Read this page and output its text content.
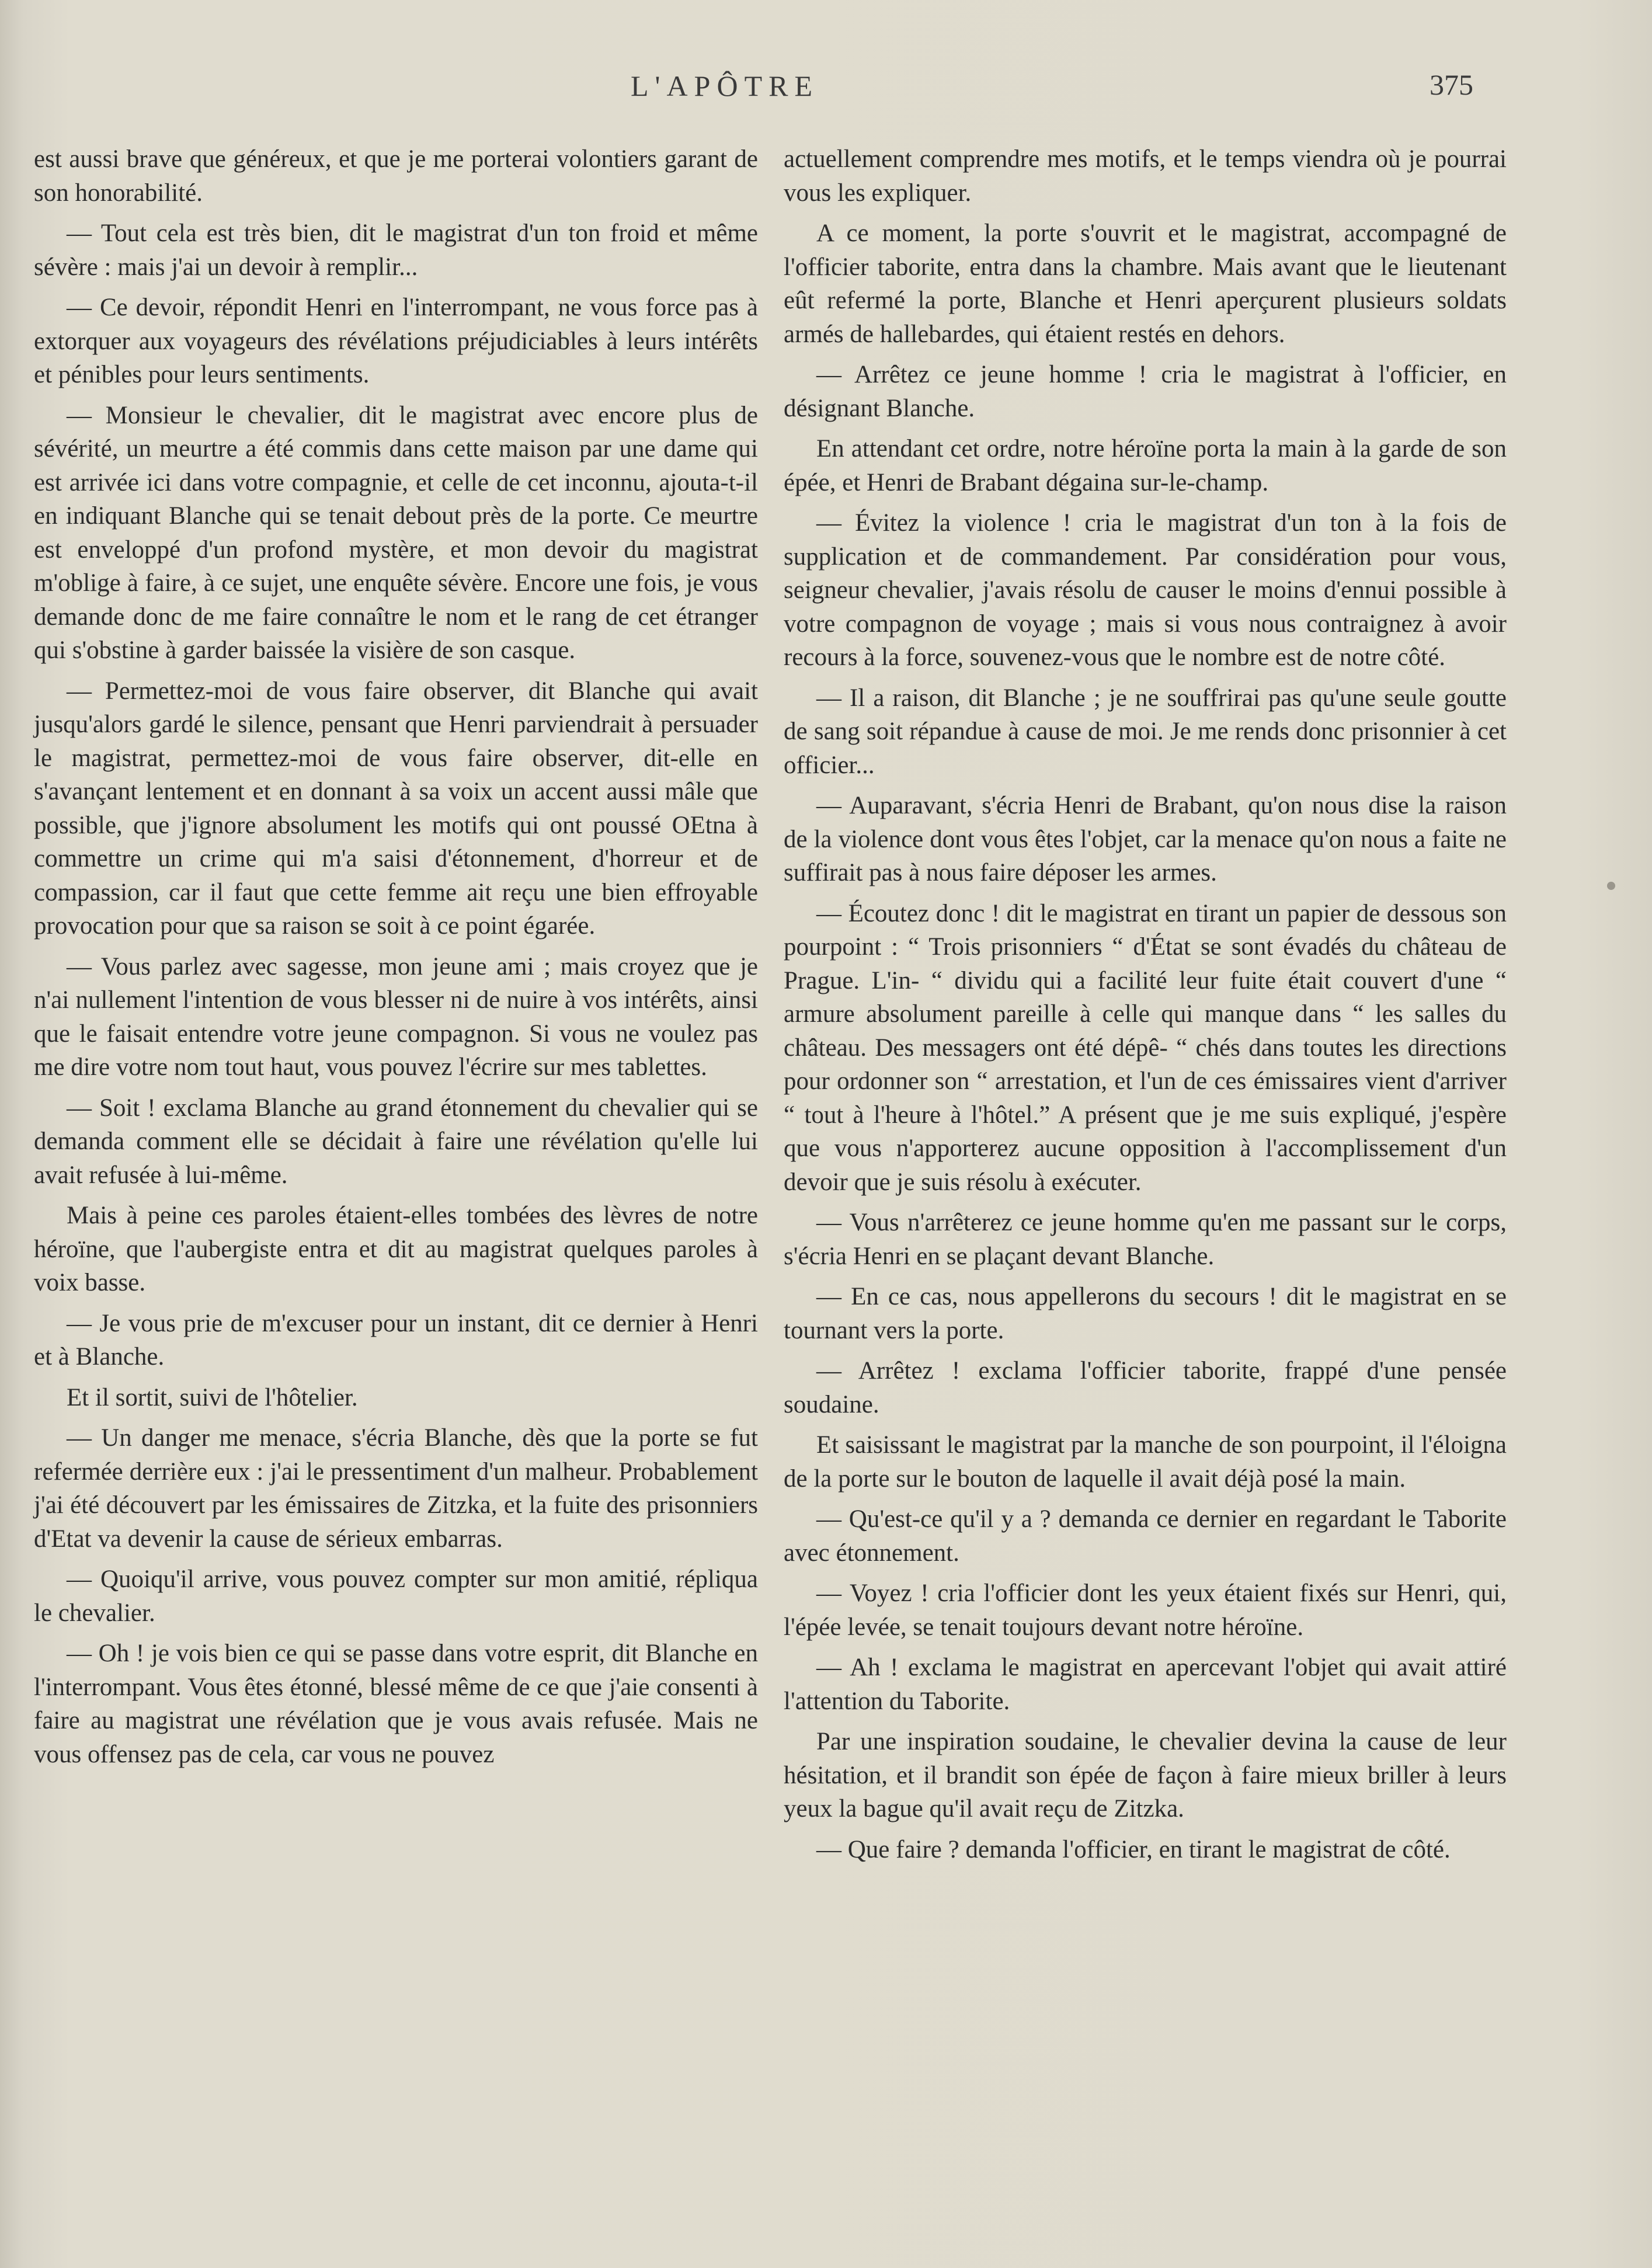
L'APÔTRE	375

est aussi brave que généreux, et que je me porterai volontiers garant de son honorabilité.

— Tout cela est très bien, dit le magistrat d'un ton froid et même sévère : mais j'ai un devoir à remplir...

— Ce devoir, répondit Henri en l'interrompant, ne vous force pas à extorquer aux voyageurs des révélations préjudiciables à leurs intérêts et pénibles pour leurs sentiments.

— Monsieur le chevalier, dit le magistrat avec encore plus de sévérité, un meurtre a été commis dans cette maison par une dame qui est arrivée ici dans votre compagnie, et celle de cet inconnu, ajouta-t-il en indiquant Blanche qui se tenait debout près de la porte. Ce meurtre est enveloppé d'un profond mystère, et mon devoir du magistrat m'oblige à faire, à ce sujet, une enquête sévère. Encore une fois, je vous demande donc de me faire connaître le nom et le rang de cet étranger qui s'obstine à garder baissée la visière de son casque.

— Permettez-moi de vous faire observer, dit Blanche qui avait jusqu'alors gardé le silence, pensant que Henri parviendrait à persuader le magistrat, permettez-moi de vous faire observer, dit-elle en s'avançant lentement et en donnant à sa voix un accent aussi mâle que possible, que j'ignore absolument les motifs qui ont poussé OEtna à commettre un crime qui m'a saisi d'étonnement, d'horreur et de compassion, car il faut que cette femme ait reçu une bien effroyable provocation pour que sa raison se soit à ce point égarée.

— Vous parlez avec sagesse, mon jeune ami ; mais croyez que je n'ai nullement l'intention de vous blesser ni de nuire à vos intérêts, ainsi que le faisait entendre votre jeune compagnon. Si vous ne voulez pas me dire votre nom tout haut, vous pouvez l'écrire sur mes tablettes.

— Soit ! exclama Blanche au grand étonnement du chevalier qui se demanda comment elle se décidait à faire une révélation qu'elle lui avait refusée à lui-même.

Mais à peine ces paroles étaient-elles tombées des lèvres de notre héroïne, que l'aubergiste entra et dit au magistrat quelques paroles à voix basse.

— Je vous prie de m'excuser pour un instant, dit ce dernier à Henri et à Blanche.

Et il sortit, suivi de l'hôtelier.

— Un danger me menace, s'écria Blanche, dès que la porte se fut refermée derrière eux : j'ai le pressentiment d'un malheur. Probablement j'ai été découvert par les émissaires de Zitzka, et la fuite des prisonniers d'Etat va devenir la cause de sérieux embarras.

— Quoiqu'il arrive, vous pouvez compter sur mon amitié, répliqua le chevalier.

— Oh ! je vois bien ce qui se passe dans votre esprit, dit Blanche en l'interrompant. Vous êtes étonné, blessé même de ce que j'aie consenti à faire au magistrat une révélation que je vous avais refusée. Mais ne vous offensez pas de cela, car vous ne pouvez

actuellement comprendre mes motifs, et le temps viendra où je pourrai vous les expliquer.

A ce moment, la porte s'ouvrit et le magistrat, accompagné de l'officier taborite, entra dans la chambre. Mais avant que le lieutenant eût refermé la porte, Blanche et Henri aperçurent plusieurs soldats armés de hallebardes, qui étaient restés en dehors.

— Arrêtez ce jeune homme ! cria le magistrat à l'officier, en désignant Blanche.

En attendant cet ordre, notre héroïne porta la main à la garde de son épée, et Henri de Brabant dégaina sur-le-champ.

— Évitez la violence ! cria le magistrat d'un ton à la fois de supplication et de commandement. Par considération pour vous, seigneur chevalier, j'avais résolu de causer le moins d'ennui possible à votre compagnon de voyage ; mais si vous nous contraignez à avoir recours à la force, souvenez-vous que le nombre est de notre côté.

— Il a raison, dit Blanche ; je ne souffrirai pas qu'une seule goutte de sang soit répandue à cause de moi. Je me rends donc prisonnier à cet officier...

— Auparavant, s'écria Henri de Brabant, qu'on nous dise la raison de la violence dont vous êtes l'objet, car la menace qu'on nous a faite ne suffirait pas à nous faire déposer les armes.

— Écoutez donc ! dit le magistrat en tirant un papier de dessous son pourpoint : “ Trois prisonniers “ d'État se sont évadés du château de Prague. L'in- “ dividu qui a facilité leur fuite était couvert d'une “ armure absolument pareille à celle qui manque dans “ les salles du château. Des messagers ont été dépê- “ chés dans toutes les directions pour ordonner son “ arrestation, et l'un de ces émissaires vient d'arriver “ tout à l'heure à l'hôtel.” A présent que je me suis expliqué, j'espère que vous n'apporterez aucune opposition à l'accomplissement d'un devoir que je suis résolu à exécuter.

— Vous n'arrêterez ce jeune homme qu'en me passant sur le corps, s'écria Henri en se plaçant devant Blanche.

— En ce cas, nous appellerons du secours ! dit le magistrat en se tournant vers la porte.

— Arrêtez ! exclama l'officier taborite, frappé d'une pensée soudaine.

Et saisissant le magistrat par la manche de son pourpoint, il l'éloigna de la porte sur le bouton de laquelle il avait déjà posé la main.

— Qu'est-ce qu'il y a ? demanda ce dernier en regardant le Taborite avec étonnement.

— Voyez ! cria l'officier dont les yeux étaient fixés sur Henri, qui, l'épée levée, se tenait toujours devant notre héroïne.

— Ah ! exclama le magistrat en apercevant l'objet qui avait attiré l'attention du Taborite.

Par une inspiration soudaine, le chevalier devina la cause de leur hésitation, et il brandit son épée de façon à faire mieux briller à leurs yeux la bague qu'il avait reçu de Zitzka.

— Que faire ? demanda l'officier, en tirant le magistrat de côté.
